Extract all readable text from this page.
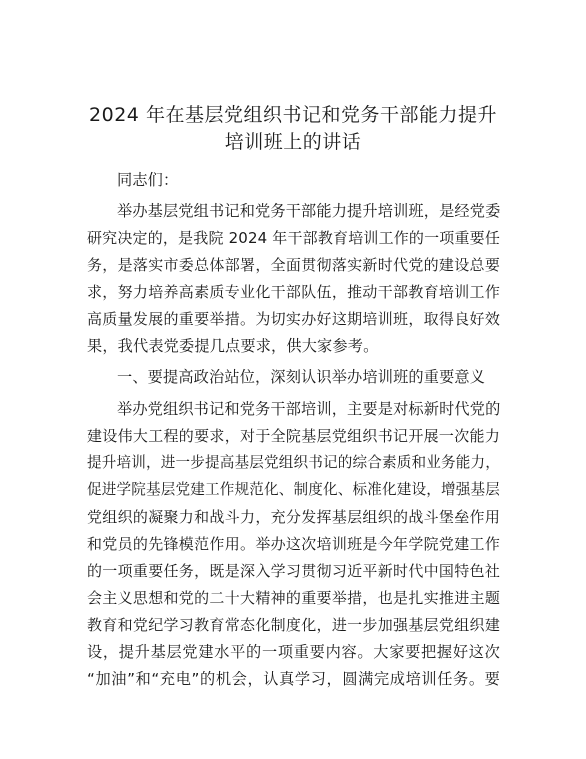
2024 年在基层党组织书记和党务干部能力提升
培训班上的讲话
同志们：
举办基层党组书记和党务干部能力提升培训班，是经党委
研究决定的，是我院 2024 年干部教育培训工作的一项重要任
务，是落实市委总体部署，全面贯彻落实新时代党的建设总要
求，努力培养高素质专业化干部队伍，推动干部教育培训工作
高质量发展的重要举措。为切实办好这期培训班，取得良好效
果，我代表党委提几点要求，供大家参考。
一、要提高政治站位，深刻认识举办培训班的重要意义
举办党组织书记和党务干部培训，主要是对标新时代党的
建设伟大工程的要求，对于全院基层党组织书记开展一次能力
提升培训，进一步提高基层党组织书记的综合素质和业务能力，
促进学院基层党建工作规范化、制度化、标准化建设，增强基层
党组织的凝聚力和战斗力，充分发挥基层组织的战斗堡垒作用
和党员的先锋模范作用。举办这次培训班是今年学院党建工作
的一项重要任务，既是深入学习贯彻习近平新时代中国特色社
会主义思想和党的二十大精神的重要举措，也是扎实推进主题
教育和党纪学习教育常态化制度化，进一步加强基层党组织建
设，提升基层党建水平的一项重要内容。大家要把握好这次
“加油”和“充电”的机会，认真学习，圆满完成培训任务。要
